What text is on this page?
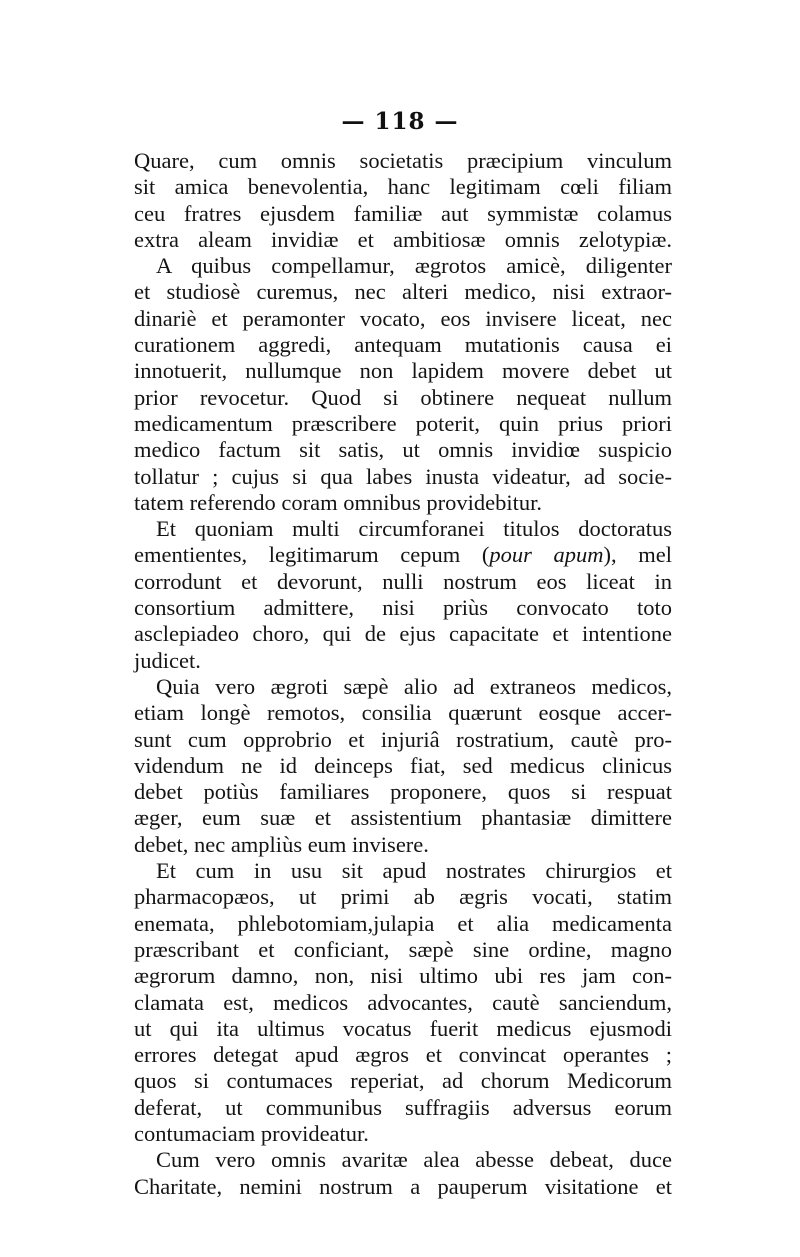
— 118 —
Quare, cum omnis societatis præcipium vinculum
sit amica benevolentia, hanc legitimam cœli filiam
ceu fratres ejusdem familiæ aut symmistæ colamus
extra aleam invidiæ et ambitiosæ omnis zelotypiæ.
A quibus compellamur, ægrotos amicè, diligenter
et studiosè curemus, nec alteri medico, nisi extraor-
dinariè et peramonter vocato, eos invisere liceat, nec
curationem aggredi, antequam mutationis causa ei
innotuerit, nullumque non lapidem movere debet ut
prior revocetur. Quod si obtinere nequeat nullum
medicamentum præscribere poterit, quin prius priori
medico factum sit satis, ut omnis invidiœ suspicio
tollatur ; cujus si qua labes inusta videatur, ad socie-
tatem referendo coram omnibus providebitur.
Et quoniam multi circumforanei titulos doctoratus
ementientes, legitimarum cepum (pour apum), mel
corrodunt et devorunt, nulli nostrum eos liceat in
consortium admittere, nisi priùs convocato toto
asclepiadeo choro, qui de ejus capacitate et intentione
judicet.
Quia vero ægroti sæpè alio ad extraneos medicos,
etiam longè remotos, consilia quærunt eosque accer-
sunt cum opprobrio et injuriâ rostratium, cautè pro-
videndum ne id deinceps fiat, sed medicus clinicus
debet potiùs familiares proponere, quos si respuat
æger, eum suæ et assistentium phantasiæ dimittere
debet, nec ampliùs eum invisere.
Et cum in usu sit apud nostrates chirurgios et
pharmacopæos, ut primi ab ægris vocati, statim
enemata, phlebotomiam,julapia et alia medicamenta
præscribant et conficiant, sæpè sine ordine, magno
ægrorum damno, non, nisi ultimo ubi res jam con-
clamata est, medicos advocantes, cautè sanciendum,
ut qui ita ultimus vocatus fuerit medicus ejusmodi
errores detegat apud ægros et convincat operantes ;
quos si contumaces reperiat, ad chorum Medicorum
deferat, ut communibus suffragiis adversus eorum
contumaciam provideatur.
Cum vero omnis avaritæ alea abesse debeat, duce
Charitate, nemini nostrum a pauperum visitatione et
